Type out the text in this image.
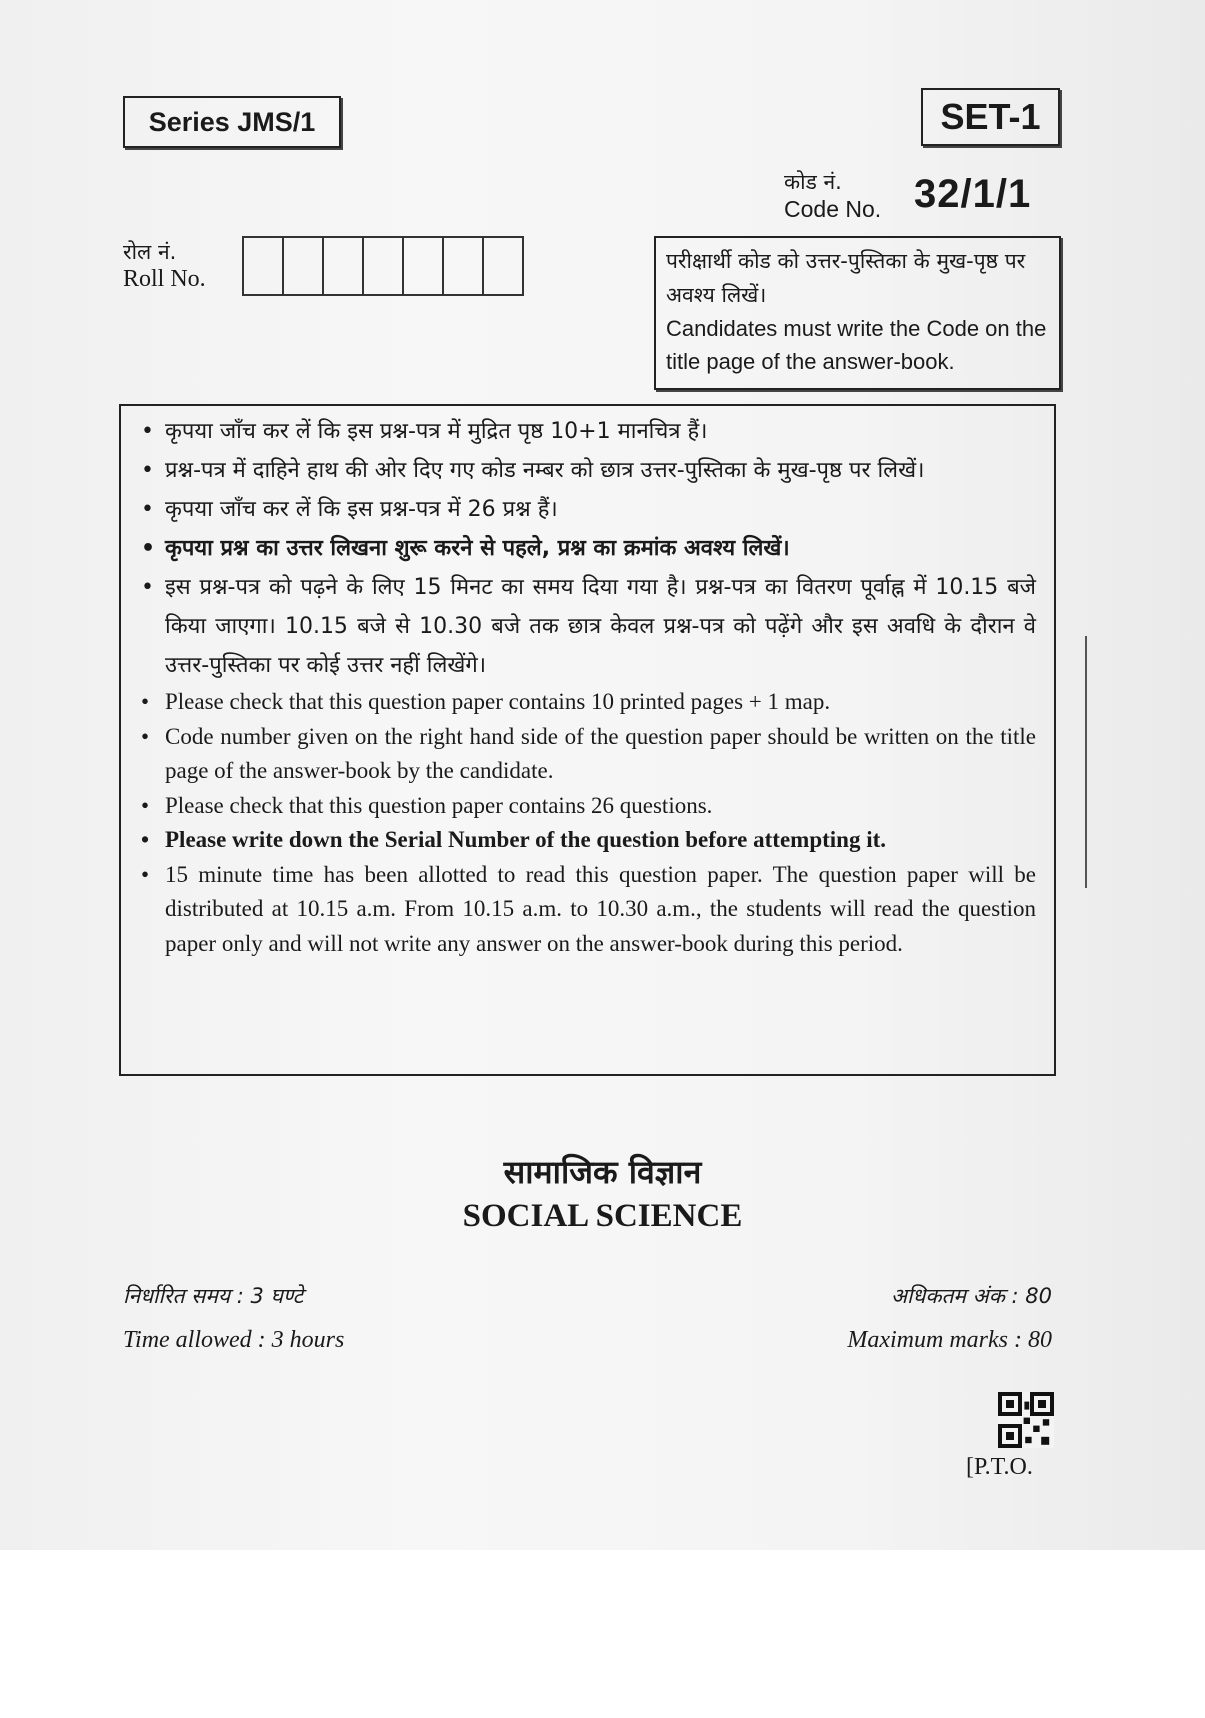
Series JMS/1	SET-1
कोड नं.
Code No. 32/1/1
रोल नं.
Roll No.
परीक्षार्थी कोड को उत्तर-पुस्तिका के मुख-पृष्ठ पर अवश्य लिखें।
Candidates must write the Code on the title page of the answer-book.
• कृपया जाँच कर लें कि इस प्रश्न-पत्र में मुद्रित पृष्ठ 10+1 मानचित्र हैं।
• प्रश्न-पत्र में दाहिने हाथ की ओर दिए गए कोड नम्बर को छात्र उत्तर-पुस्तिका के मुख-पृष्ठ पर लिखें।
• कृपया जाँच कर लें कि इस प्रश्न-पत्र में 26 प्रश्न हैं।
• कृपया प्रश्न का उत्तर लिखना शुरू करने से पहले, प्रश्न का क्रमांक अवश्य लिखें।
• इस प्रश्न-पत्र को पढ़ने के लिए 15 मिनट का समय दिया गया है। प्रश्न-पत्र का वितरण पूर्वाह्न में 10.15 बजे किया जाएगा। 10.15 बजे से 10.30 बजे तक छात्र केवल प्रश्न-पत्र को पढ़ेंगे और इस अवधि के दौरान वे उत्तर-पुस्तिका पर कोई उत्तर नहीं लिखेंगे।
• Please check that this question paper contains 10 printed pages + 1 map.
• Code number given on the right hand side of the question paper should be written on the title page of the answer-book by the candidate.
• Please check that this question paper contains 26 questions.
• Please write down the Serial Number of the question before attempting it.
• 15 minute time has been allotted to read this question paper. The question paper will be distributed at 10.15 a.m. From 10.15 a.m. to 10.30 a.m., the students will read the question paper only and will not write any answer on the answer-book during this period.
सामाजिक विज्ञान
SOCIAL SCIENCE
निर्धारित समय : 3 घण्टे
Time allowed : 3 hours
अधिकतम अंक : 80
Maximum marks : 80
[P.T.O.
